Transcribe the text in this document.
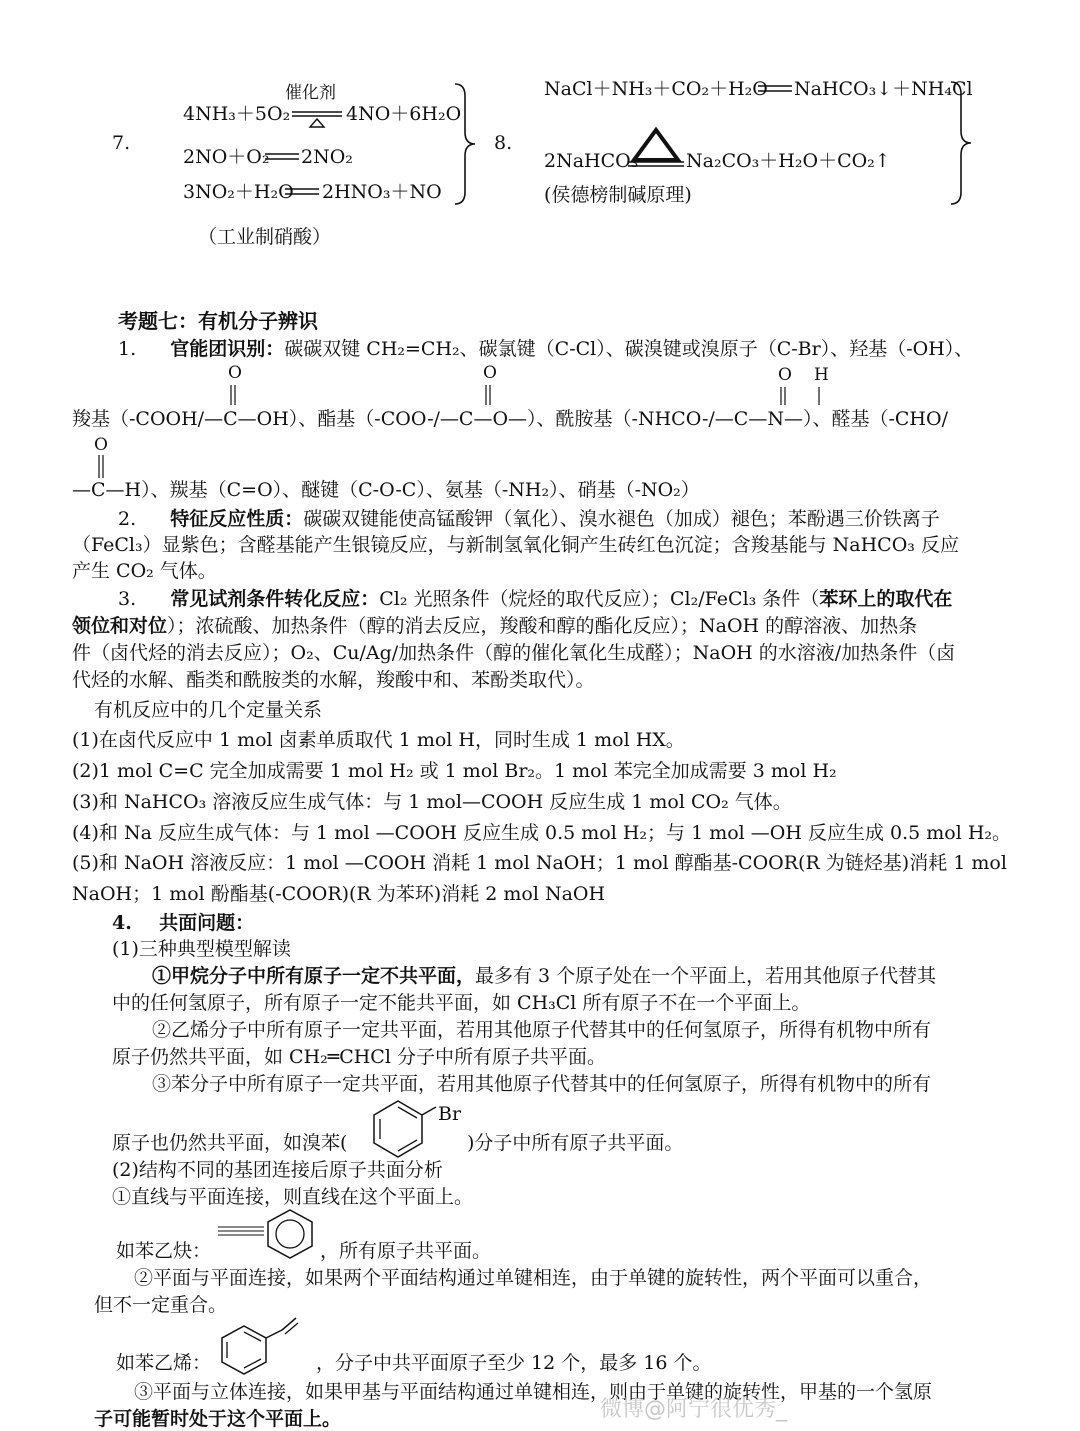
7.
催化剂
4NH₃＋5O₂	4NO＋6H₂O
2NO＋O₂ 2NO₂
3NO₂＋H₂O 2HNO₃＋NO
（工业制硝酸）
8.
NaCl＋NH₃＋CO₂＋H₂O NaHCO₃↓＋NH₄Cl
2NaHCO₃	Na₂CO₃＋H₂O＋CO₂↑
(侯德榜制碱原理)
考题七：有机分子辨识
1. 官能团识别：碳碳双键 CH₂=CH₂、碳氯键（C-Cl）、碳溴键或溴原子（C-Br）、羟基（-OH）、
O	O	O H
羧基（-COOH/—C—OH）、酯基（-COO-/—C—O—）、酰胺基（-NHCO-/—C—N—）、醛基（-CHO/
O
—C—H）、羰基（C=O）、醚键（C-O-C）、氨基（-NH₂）、硝基（-NO₂）
2. 特征反应性质：碳碳双键能使高锰酸钾（氧化）、溴水褪色（加成）褪色；苯酚遇三价铁离子
（FeCl₃）显紫色；含醛基能产生银镜反应，与新制氢氧化铜产生砖红色沉淀；含羧基能与 NaHCO₃ 反应
产生 CO₂ 气体。
3. 常见试剂条件转化反应：Cl₂ 光照条件（烷烃的取代反应）；Cl₂/FeCl₃ 条件（苯环上的取代在
领位和对位）；浓硫酸、加热条件（醇的消去反应，羧酸和醇的酯化反应）；NaOH 的醇溶液、加热条
件（卤代烃的消去反应）；O₂、Cu/Ag/加热条件（醇的催化氧化生成醛）；NaOH 的水溶液/加热条件（卤
代烃的水解、酯类和酰胺类的水解，羧酸中和、苯酚类取代）。
有机反应中的几个定量关系
(1)在卤代反应中 1 mol 卤素单质取代 1 mol H，同时生成 1 mol HX。
(2)1 mol C=C 完全加成需要 1 mol H₂ 或 1 mol Br₂。1 mol 苯完全加成需要 3 mol H₂
(3)和 NaHCO₃ 溶液反应生成气体：与 1 mol—COOH 反应生成 1 mol CO₂ 气体。
(4)和 Na 反应生成气体：与 1 mol —COOH 反应生成 0.5 mol H₂；与 1 mol —OH 反应生成 0.5 mol H₂。
(5)和 NaOH 溶液反应：1 mol —COOH 消耗 1 mol NaOH；1 mol 醇酯基-COOR(R 为链烃基)消耗 1 mol
NaOH；1 mol 酚酯基(-COOR)(R 为苯环)消耗 2 mol NaOH
4. 共面问题：
(1)三种典型模型解读
①甲烷分子中所有原子一定不共平面，最多有 3 个原子处在一个平面上，若用其他原子代替其
中的任何氢原子，所有原子一定不能共平面，如 CH₃Cl 所有原子不在一个平面上。
②乙烯分子中所有原子一定共平面，若用其他原子代替其中的任何氢原子，所得有机物中所有
原子仍然共平面，如 CH₂═CHCl 分子中所有原子共平面。
③苯分子中所有原子一定共平面，若用其他原子代替其中的任何氢原子，所得有机物中的所有
原子也仍然共平面，如溴苯(
Br
)分子中所有原子共平面。
(2)结构不同的基团连接后原子共面分析
①直线与平面连接，则直线在这个平面上。
如苯乙炔：	，所有原子共平面。
②平面与平面连接，如果两个平面结构通过单键相连，由于单键的旋转性，两个平面可以重合，
但不一定重合。
如苯乙烯：	，分子中共平面原子至少 12 个，最多 16 个。
③平面与立体连接，如果甲基与平面结构通过单键相连，则由于单键的旋转性，甲基的一个氢原
子可能暂时处于这个平面上。	微博@阿宁很优秀_
